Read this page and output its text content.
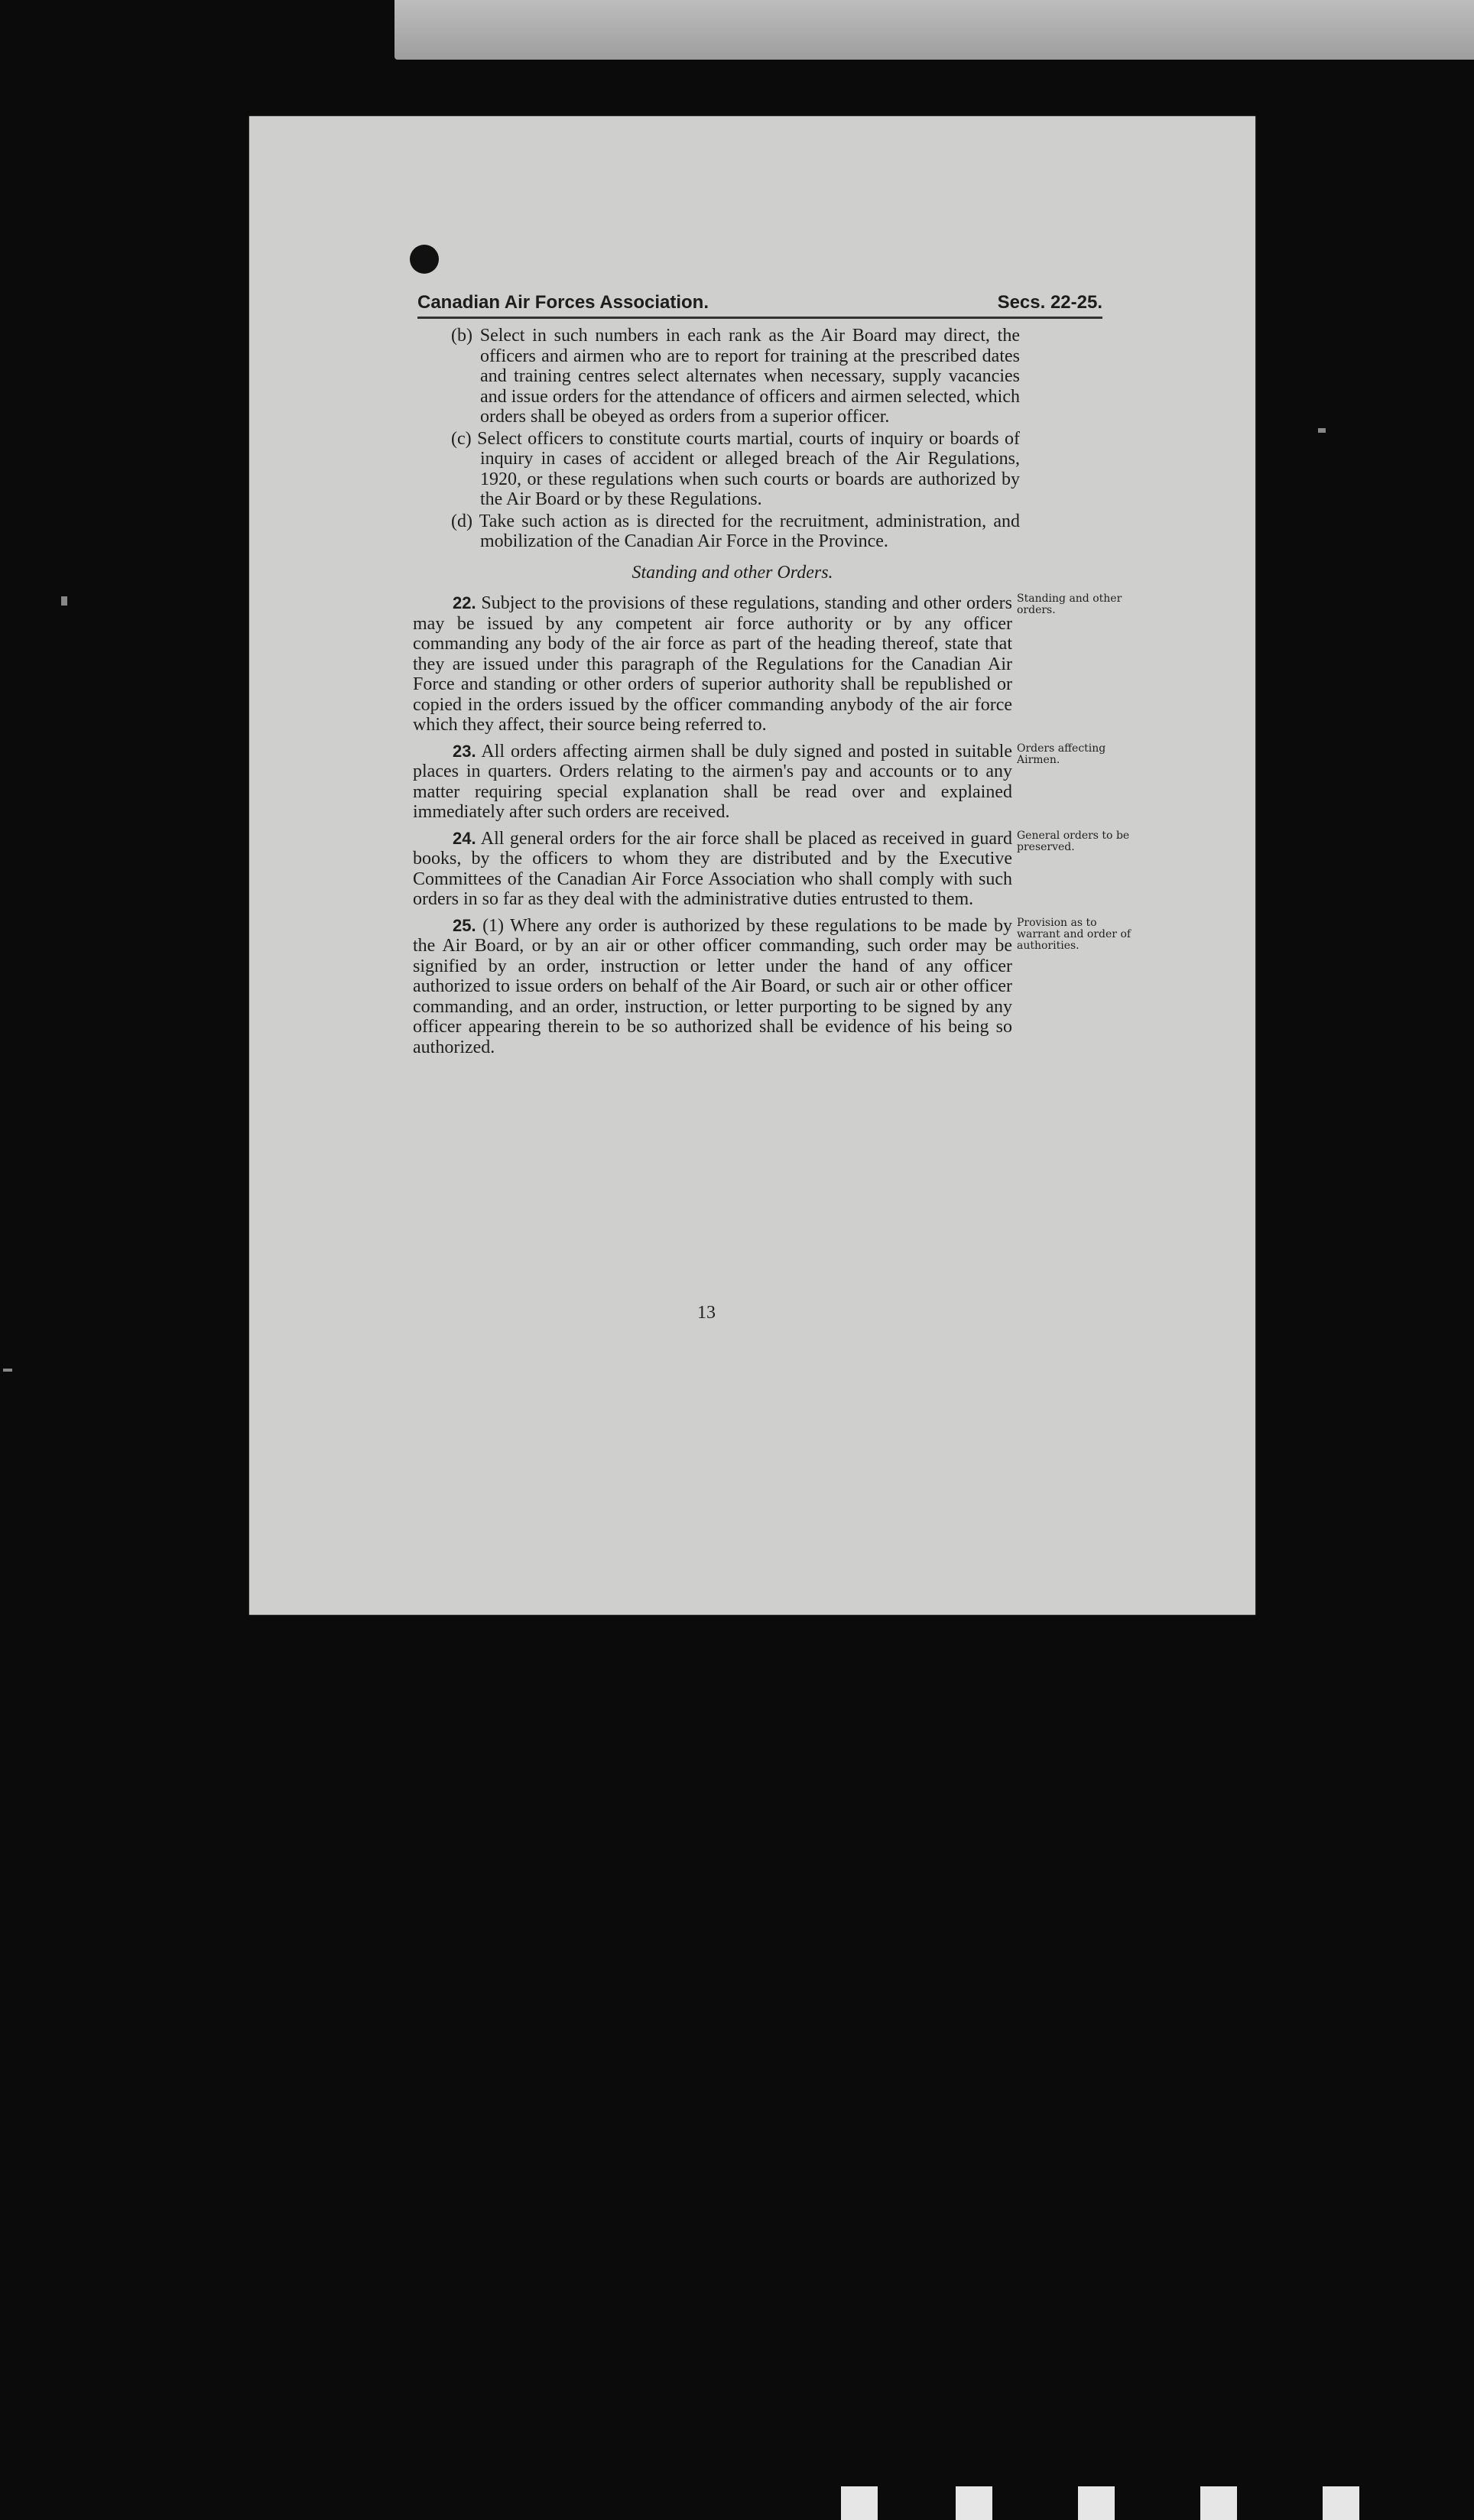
Canadian Air Forces Association.	Secs. 22-25.
(b) Select in such numbers in each rank as the Air Board may direct, the officers and airmen who are to report for training at the prescribed dates and training centres select alternates when necessary, supply vacancies and issue orders for the attendance of officers and airmen selected, which orders shall be obeyed as orders from a superior officer.
(c) Select officers to constitute courts martial, courts of inquiry or boards of inquiry in cases of accident or alleged breach of the Air Regulations, 1920, or these regulations when such courts or boards are authorized by the Air Board or by these Regulations.
(d) Take such action as is directed for the recruitment, administration, and mobilization of the Canadian Air Force in the Province.
Standing and other Orders.
Standing and other orders.
22. Subject to the provisions of these regulations, standing and other orders may be issued by any competent air force authority or by any officer commanding any body of the air force as part of the heading thereof, state that they are issued under this paragraph of the Regulations for the Canadian Air Force and standing or other orders of superior authority shall be republished or copied in the orders issued by the officer commanding anybody of the air force which they affect, their source being referred to.
Orders affecting Airmen.
23. All orders affecting airmen shall be duly signed and posted in suitable places in quarters. Orders relating to the airmen's pay and accounts or to any matter requiring special explanation shall be read over and explained immediately after such orders are received.
General orders to be preserved.
24. All general orders for the air force shall be placed as received in guard books, by the officers to whom they are distributed and by the Executive Committees of the Canadian Air Force Association who shall comply with such orders in so far as they deal with the administrative duties entrusted to them.
Provision as to warrant and order of authorities.
25. (1) Where any order is authorized by these regulations to be made by the Air Board, or by an air or other officer commanding, such order may be signified by an order, instruction or letter under the hand of any officer authorized to issue orders on behalf of the Air Board, or such air or other officer commanding, and an order, instruction, or letter purporting to be signed by any officer appearing therein to be so authorized shall be evidence of his being so authorized.
13
